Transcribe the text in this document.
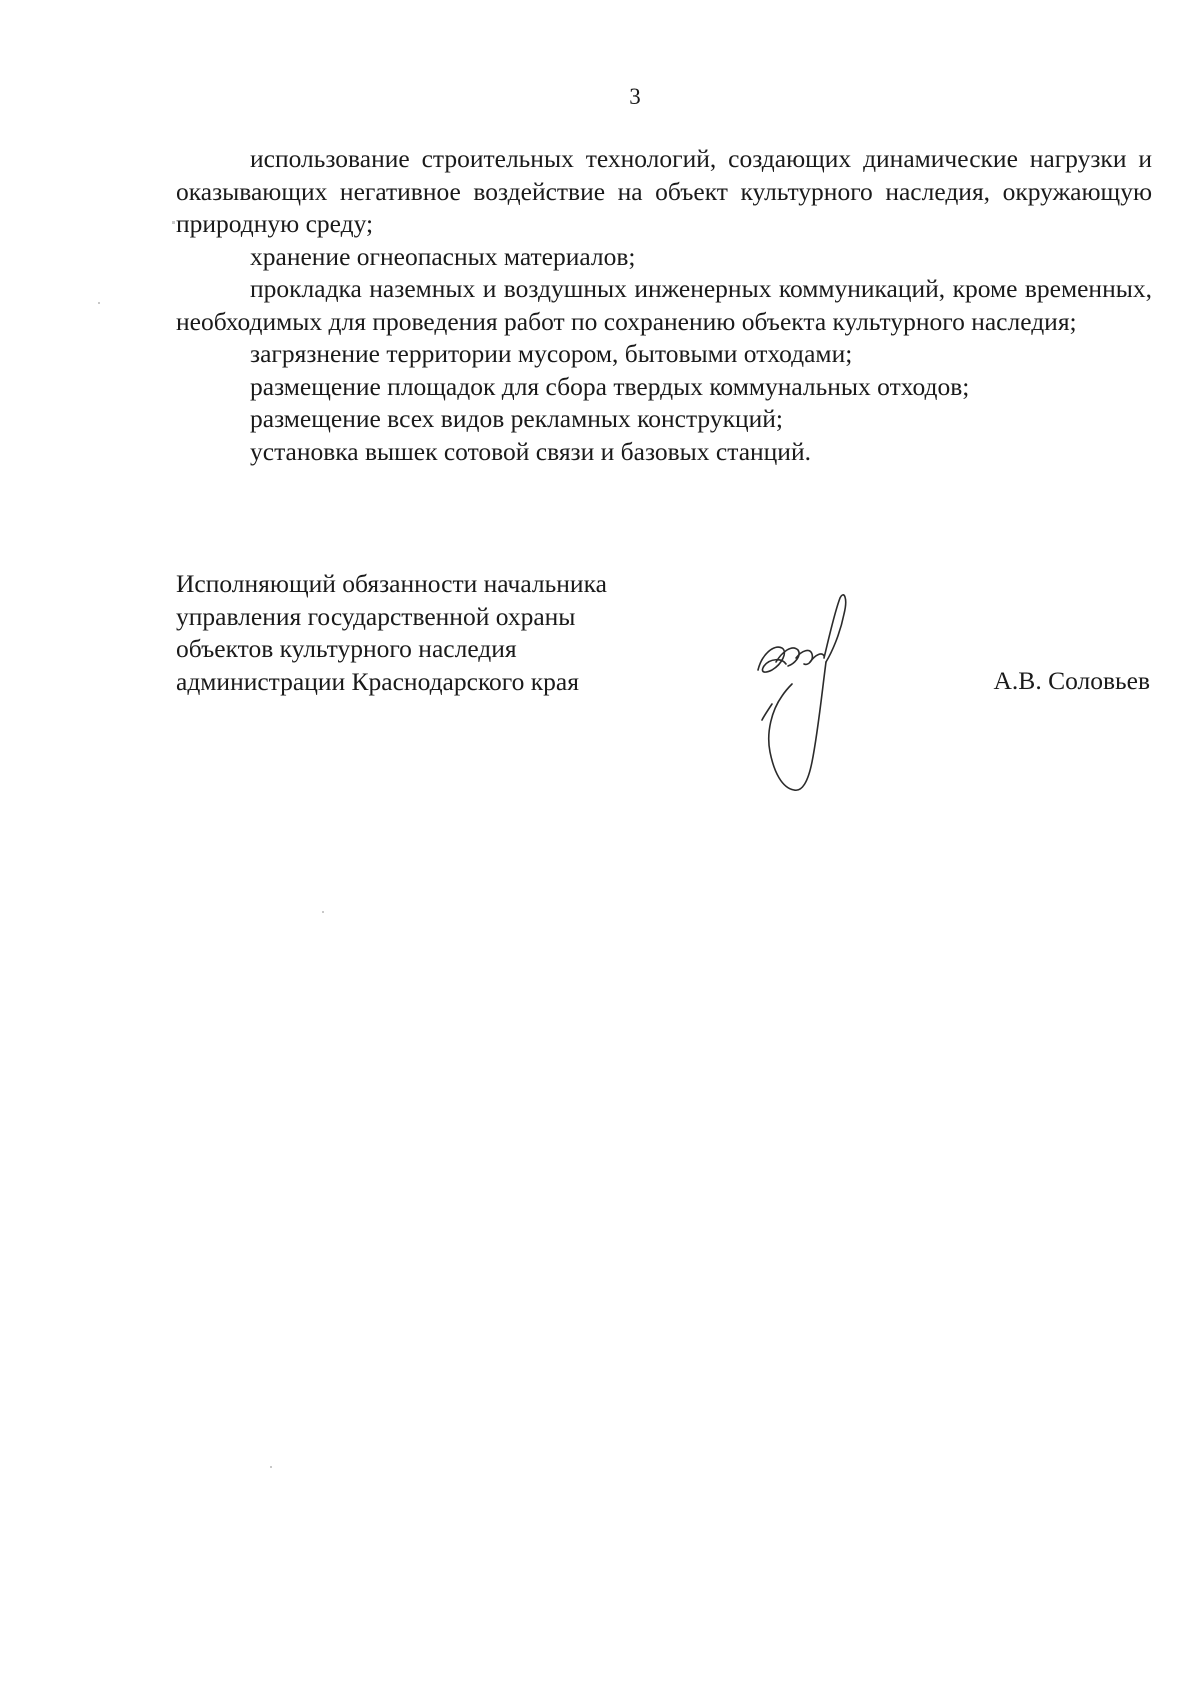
3

использование строительных технологий, создающих динамические нагрузки и оказывающих негативное воздействие на объект культурного наследия, окружающую природную среду;

хранение огнеопасных материалов;

прокладка наземных и воздушных инженерных коммуникаций, кроме временных, необходимых для проведения работ по сохранению объекта культурного наследия;

загрязнение территории мусором, бытовыми отходами;

размещение площадок для сбора твердых коммунальных отходов;

размещение всех видов рекламных конструкций;

установка вышек сотовой связи и базовых станций.

Исполняющий обязанности начальника
управления государственной охраны
объектов культурного наследия
администрации Краснодарского края	А.В. Соловьев
